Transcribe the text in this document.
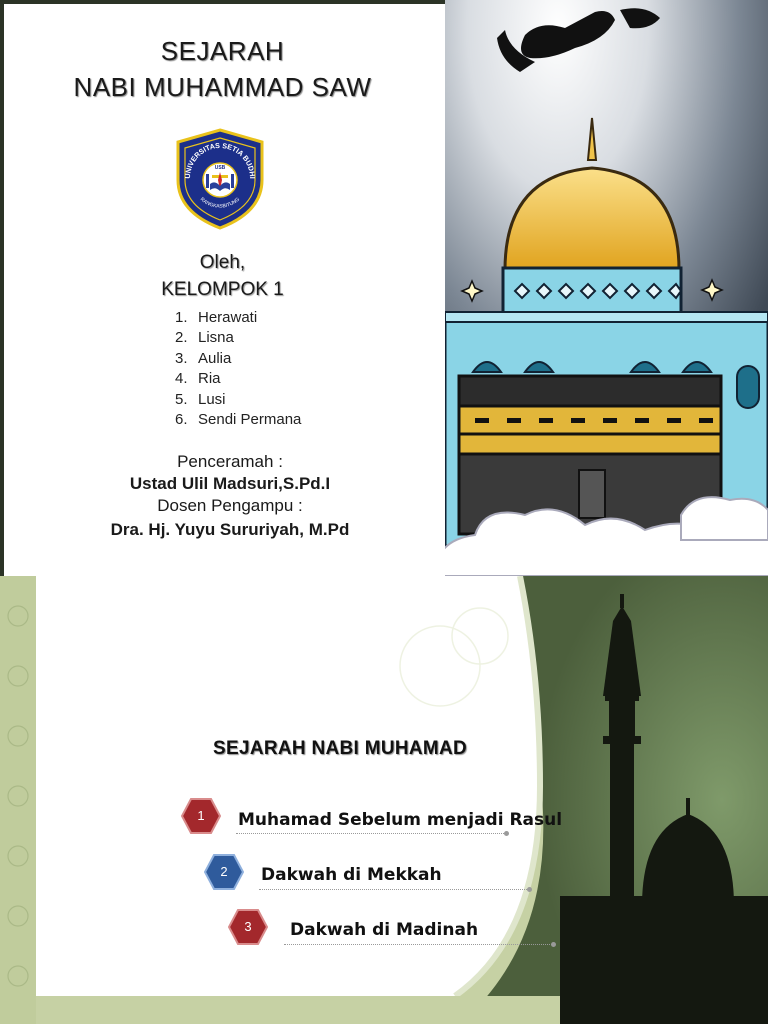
SEJARAH
NABI MUHAMMAD SAW
UNIVERSITAS SETIA BUDHI
USB
RANGKASBITUNG
Oleh,
KELOMPOK 1
1. Herawati
2. Lisna
3. Aulia
4. Ria
5. Lusi
6. Sendi Permana
Penceramah :
Ustad Ulil Madsuri,S.Pd.I
Dosen Pengampu :
Dra. Hj. Yuyu Sururiyah, M.Pd
SEJARAH NABI MUHAMAD
1	Muhamad Sebelum menjadi Rasul
2	Dakwah di Mekkah
3	Dakwah di Madinah
